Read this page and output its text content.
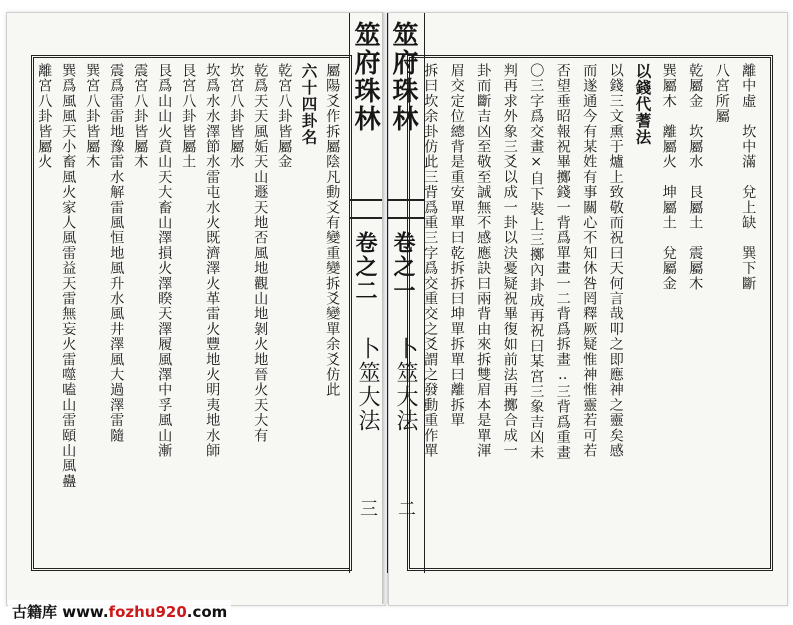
屬陽爻作拆屬陰凡動爻有變重變拆爻變單余爻仿此
六十四卦名
乾宮八卦皆屬金
乾爲天天風姤天山遯天地否風地觀山地剝火地晉火天大有
坎宮八卦皆屬水
坎爲水水澤節水雷屯水火既濟澤火革雷火豐地火明夷地水師
艮宮八卦皆屬土
艮爲山山火賁山天大畜山澤損火澤睽天澤履風澤中孚風山漸
震宮八卦皆屬木
震爲雷雷地豫雷水解雷風恒地風升水風井澤風大過澤雷隨
巽宮八卦皆屬木
巽爲風風天小畜風火家人風雷益天雷無妄火雷噬嗑山雷頤山風蠱
離宮八卦皆屬火	筮府珠林
卷之二
卜筮大法
三
筮府珠林
卷之一
卜筮大法
二
離中虛　坎中滿　兌上缺　巽下斷
八宮所屬
乾屬金　坎屬水　艮屬土　震屬木
巽屬木　離屬火　坤屬土　兌屬金
以錢代蓍法
以錢三文熏于爐上致敬而祝曰天何言哉叩之即應神之靈矣感
而遂通今有某姓有事關心不知休咎罔釋厥疑惟神惟靈若可若
否望垂昭報祝畢擲錢一背爲單畫一二背爲拆畫‥三背爲重畫
〇三字爲交畫×自下裝上三擲內卦成再祝曰某宮三象吉凶未
判再求外象三爻以成一卦以決憂疑祝畢復如前法再擲合成一
卦而斷吉凶至敬至誠無不感應訣曰兩背由來拆雙眉本是單渾
眉交定位總背是重安單單曰乾拆拆曰坤單拆單曰離拆單
拆曰坎余卦仿此三背爲重三字爲交重交之爻謂之發動重作單
古籍库 www.fozhu920.com
